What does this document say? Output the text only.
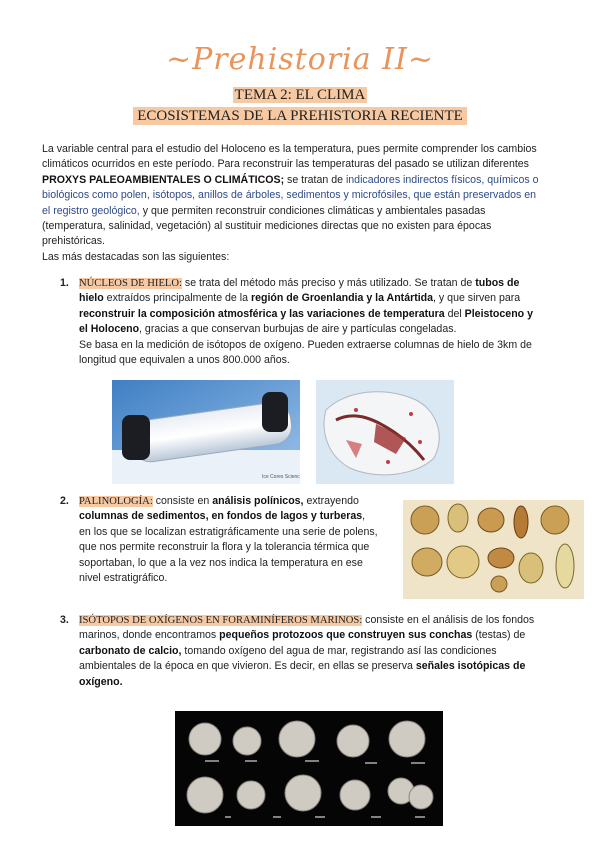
~Prehistoria II~
TEMA 2: EL CLIMA
ECOSISTEMAS DE LA PREHISTORIA RECIENTE
La variable central para el estudio del Holoceno es la temperatura, pues permite comprender los cambios
climáticos ocurridos en este período. Para reconstruir las temperaturas del pasado se utilizan diferentes
PROXYS PALEOAMBIENTALES O CLIMÁTICOS; se tratan de indicadores indirectos físicos, químicos o
biológicos como polen, isótopos, anillos de árboles, sedimentos y microfósiles, que están preservados en
el registro geológico, y que permiten reconstruir condiciones climáticas y ambientales pasadas
(temperatura, salinidad, vegetación) al sustituir mediciones directas que no existen para épocas
prehistóricas.
Las más destacadas son las siguientes:
1. NÚCLEOS DE HIELO: se trata del método más preciso y más utilizado. Se tratan de tubos de
hielo extraídos principalmente de la región de Groenlandia y la Antártida, y que sirven para
reconstruir la composición atmosférica y las variaciones de temperatura del Pleistoceno y
el Holoceno, gracias a que conservan burbujas de aire y partículas congeladas.
Se basa en la medición de isótopos de oxígeno. Pueden extraerse columnas de hielo de 3km de
longitud que equivalen a unos 800.000 años.
Ice Cores Science
2. PALINOLOGÍA: consiste en análisis polínicos, extrayendo
columnas de sedimentos, en fondos de lagos y turberas,
en los que se localizan estratigráficamente una serie de polens,
que nos permite reconstruir la flora y la tolerancia térmica que
soportaban, lo que a la vez nos indica la temperatura en ese
nivel estratigráfico.
3. ISÓTOPOS DE OXÍGENOS EN FORAMINÍFEROS MARINOS: consiste en el análisis de los fondos
marinos, donde encontramos pequeños protozoos que construyen sus conchas (testas) de
carbonato de calcio, tomando oxígeno del agua de mar, registrando así las condiciones
ambientales de la época en que vivieron. Es decir, en ellas se preserva señales isotópicas de
oxígeno.
